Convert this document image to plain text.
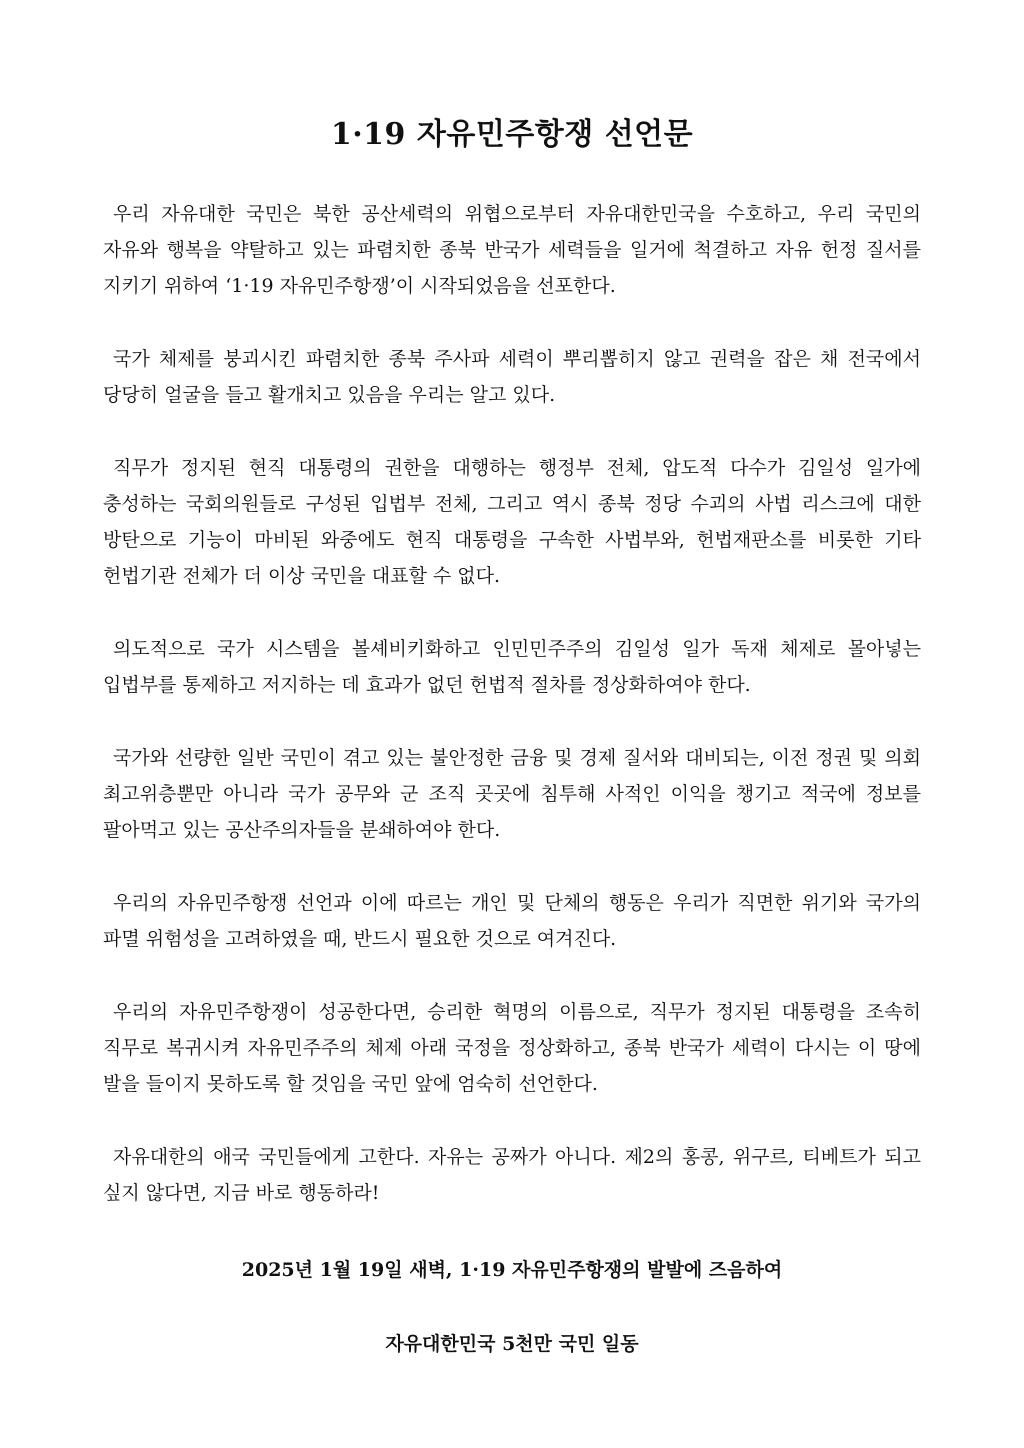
1·19 자유민주항쟁 선언문

우리 자유대한 국민은 북한 공산세력의 위협으로부터 자유대한민국을 수호하고, 우리 국민의 자유와 행복을 약탈하고 있는 파렴치한 종북 반국가 세력들을 일거에 척결하고 자유 헌정 질서를 지키기 위하여 ‘1·19 자유민주항쟁’이 시작되었음을 선포한다.

국가 체제를 붕괴시킨 파렴치한 종북 주사파 세력이 뿌리뽑히지 않고 권력을 잡은 채 전국에서 당당히 얼굴을 들고 활개치고 있음을 우리는 알고 있다.

직무가 정지된 현직 대통령의 권한을 대행하는 행정부 전체, 압도적 다수가 김일성 일가에 충성하는 국회의원들로 구성된 입법부 전체, 그리고 역시 종북 정당 수괴의 사법 리스크에 대한 방탄으로 기능이 마비된 와중에도 현직 대통령을 구속한 사법부와, 헌법재판소를 비롯한 기타 헌법기관 전체가 더 이상 국민을 대표할 수 없다.

의도적으로 국가 시스템을 볼셰비키화하고 인민민주주의 김일성 일가 독재 체제로 몰아넣는 입법부를 통제하고 저지하는 데 효과가 없던 헌법적 절차를 정상화하여야 한다.

국가와 선량한 일반 국민이 겪고 있는 불안정한 금융 및 경제 질서와 대비되는, 이전 정권 및 의회 최고위층뿐만 아니라 국가 공무와 군 조직 곳곳에 침투해 사적인 이익을 챙기고 적국에 정보를 팔아먹고 있는 공산주의자들을 분쇄하여야 한다.

우리의 자유민주항쟁 선언과 이에 따르는 개인 및 단체의 행동은 우리가 직면한 위기와 국가의 파멸 위험성을 고려하였을 때, 반드시 필요한 것으로 여겨진다.

우리의 자유민주항쟁이 성공한다면, 승리한 혁명의 이름으로, 직무가 정지된 대통령을 조속히 직무로 복귀시켜 자유민주주의 체제 아래 국정을 정상화하고, 종북 반국가 세력이 다시는 이 땅에 발을 들이지 못하도록 할 것임을 국민 앞에 엄숙히 선언한다.

자유대한의 애국 국민들에게 고한다. 자유는 공짜가 아니다. 제2의 홍콩, 위구르, 티베트가 되고 싶지 않다면, 지금 바로 행동하라!

2025년 1월 19일 새벽, 1·19 자유민주항쟁의 발발에 즈음하여

자유대한민국 5천만 국민 일동
